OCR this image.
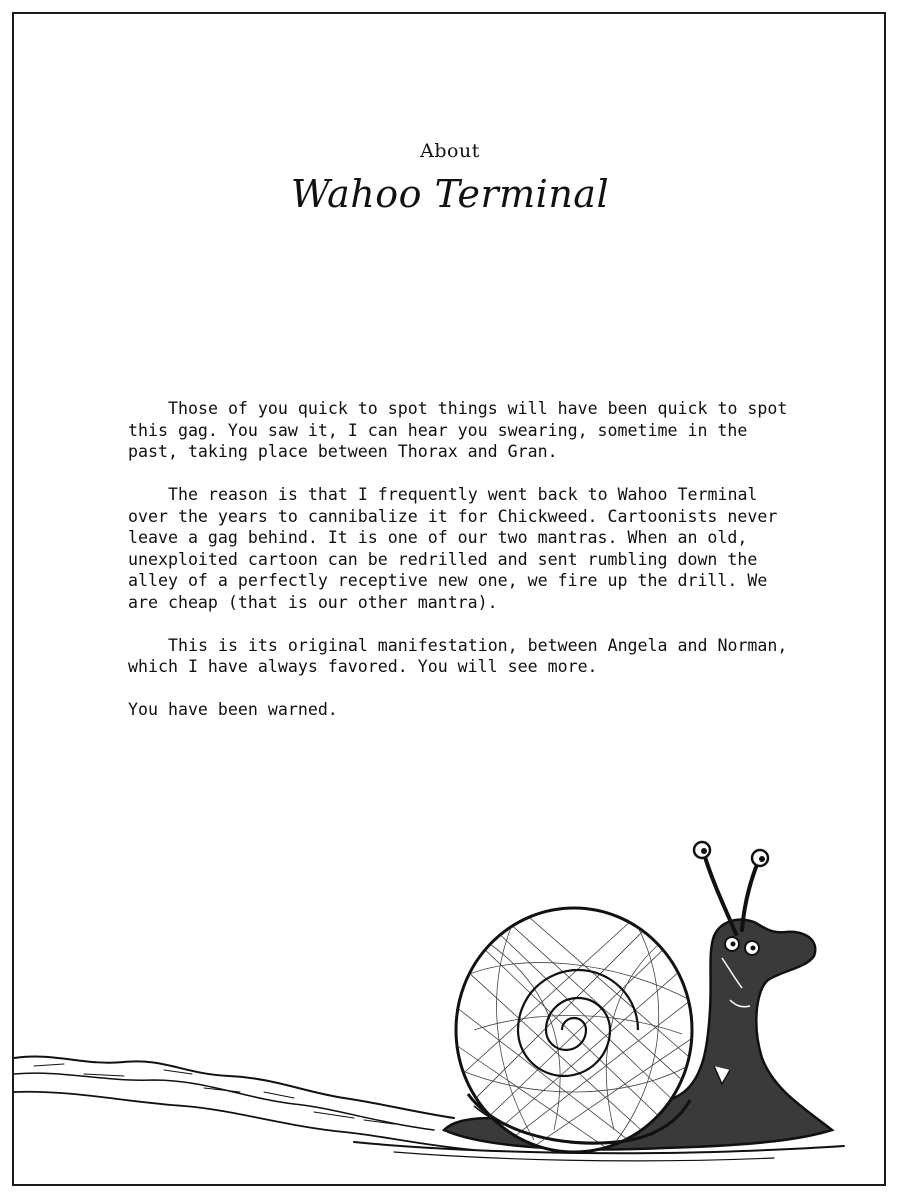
About
Wahoo Terminal

Those of you quick to spot things will have been quick to spot this gag. You saw it, I can hear you swearing, sometime in the past, taking place between Thorax and Gran.

The reason is that I frequently went back to Wahoo Terminal over the years to cannibalize it for Chickweed. Cartoonists never leave a gag behind. It is one of our two mantras. When an old, unexploited cartoon can be redrilled and sent rumbling down the alley of a perfectly receptive new one, we fire up the drill. We are cheap (that is our other mantra).

This is its original manifestation, between Angela and Norman, which I have always favored. You will see more.

You have been warned.
